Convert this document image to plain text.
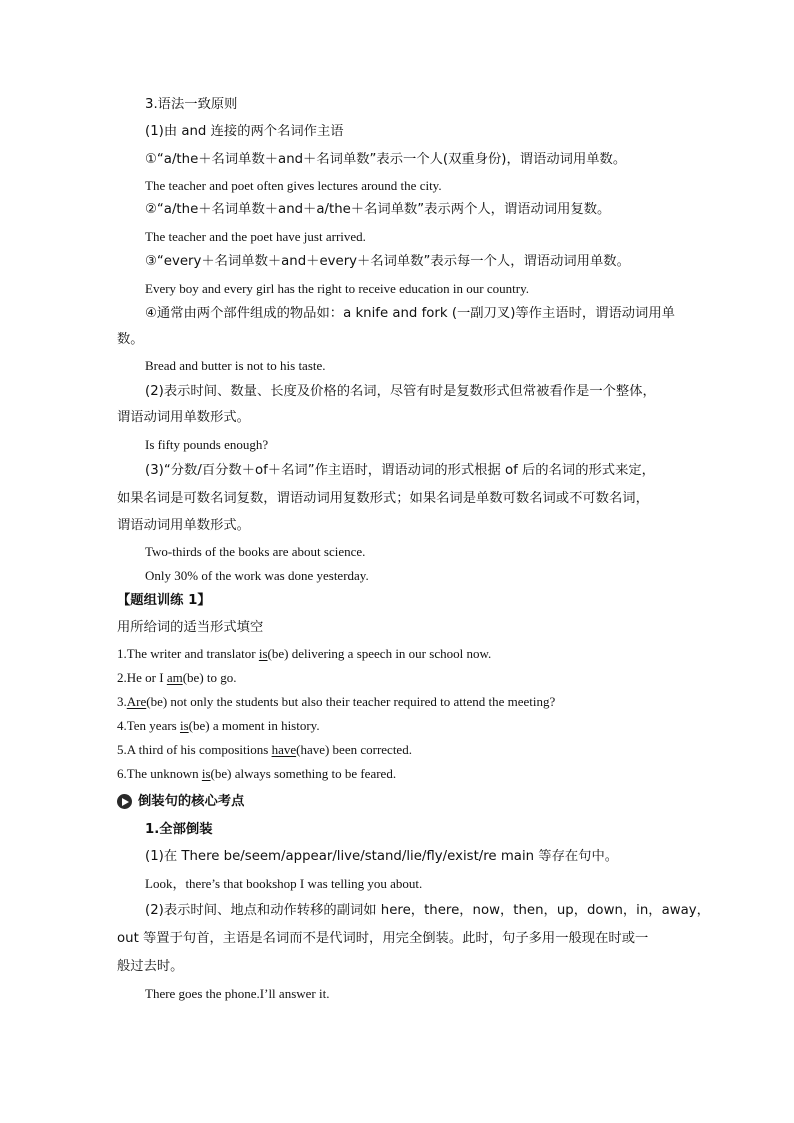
3.语法一致原则
(1)由 and 连接的两个名词作主语
①“a/the＋名词单数＋and＋名词单数”表示一个人(双重身份)，谓语动词用单数。
The teacher and poet often gives lectures around the city.
②“a/the＋名词单数＋and＋a/the＋名词单数”表示两个人，谓语动词用复数。
The teacher and the poet have just arrived.
③“every＋名词单数＋and＋every＋名词单数”表示每一个人，谓语动词用单数。
Every boy and every girl has the right to receive education in our country.
④通常由两个部件组成的物品如：a knife and fork (一副刀叉)等作主语时，谓语动词用单
数。
Bread and butter is not to his taste.
(2)表示时间、数量、长度及价格的名词，尽管有时是复数形式但常被看作是一个整体，
谓语动词用单数形式。
Is fifty pounds enough?
(3)“分数/百分数＋of＋名词”作主语时，谓语动词的形式根据 of 后的名词的形式来定，
如果名词是可数名词复数，谓语动词用复数形式；如果名词是单数可数名词或不可数名词，
谓语动词用单数形式。
Two-thirds of the books are about science.
Only 30% of the work was done yesterday.
【题组训练 1】
用所给词的适当形式填空
1.The writer and translator is(be) delivering a speech in our school now.
2.He or I am(be) to go.
3.Are(be) not only the students but also their teacher required to attend the meeting?
4.Ten years is(be) a moment in history.
5.A third of his compositions have(have) been corrected.
6.The unknown is(be) always something to be feared.
倒装句的核心考点
1.全部倒装
(1)在 There be/seem/appear/live/stand/lie/fly/exist/re main 等存在句中。
Look，there’s that bookshop I was telling you about.
(2)表示时间、地点和动作转移的副词如 here，there，now，then，up，down，in，away，
out 等置于句首，主语是名词而不是代词时，用完全倒装。此时，句子多用一般现在时或一
般过去时。
There goes the phone.I’ll answer it.
